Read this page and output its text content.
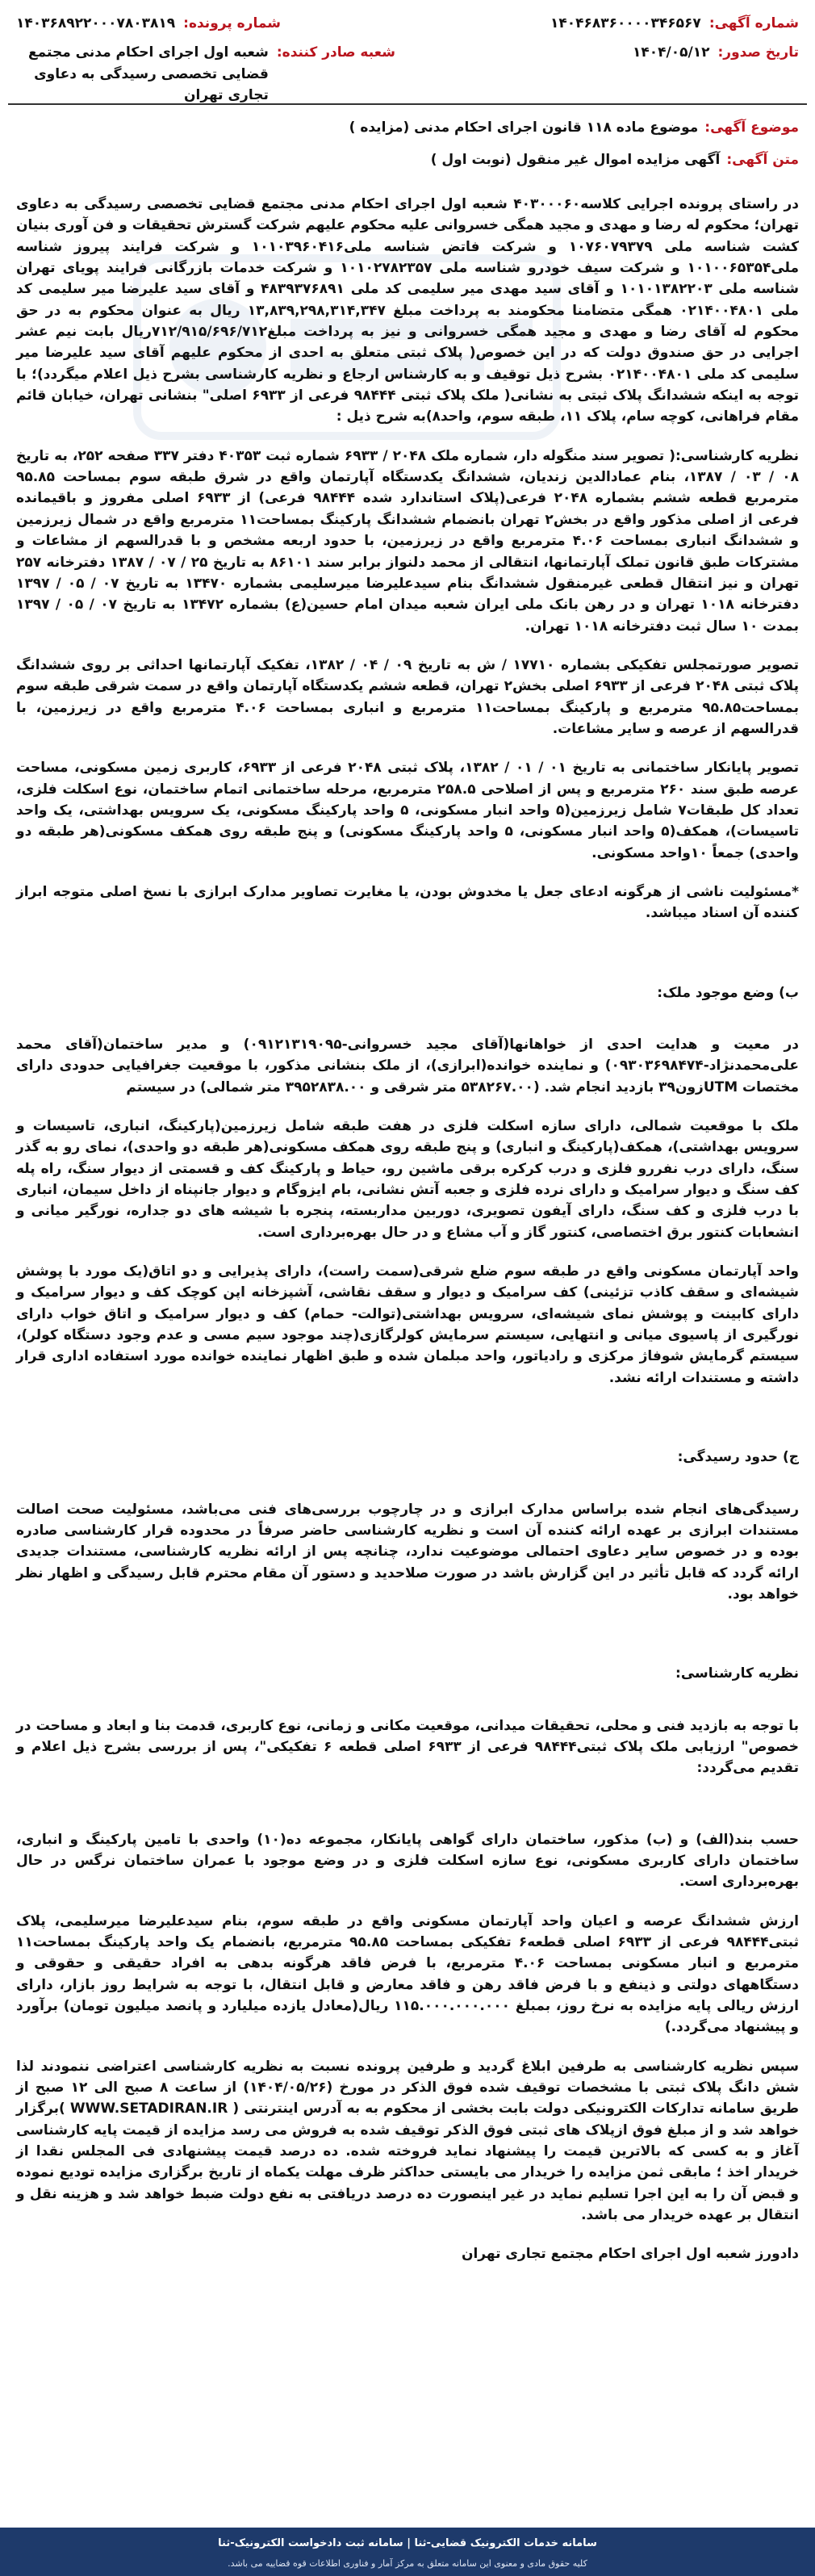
شماره آگهی:
۱۴۰۴۶۸۳۶۰۰۰۰۳۴۶۵۶۷
شماره پرونده:
۱۴۰۳۶۸۹۲۲۰۰۰۷۸۰۳۸۱۹
تاریخ صدور:
۱۴۰۴/۰۵/۱۲
شعبه صادر کننده:
شعبه اول اجرای احکام مدنی مجتمع قضایی تخصصی رسیدگی به دعاوی تجاری تهران
موضوع آگهی:
موضوع ماده ۱۱۸ قانون اجرای احکام مدنی (مزایده )
متن آگهی:
آگهی مزایده اموال غیر منقول (نوبت اول )

در راستای پرونده اجرایی کلاسه۴۰۳۰۰۰۶۰ شعبه اول اجرای احکام مدنی مجتمع قضایی تخصصی رسیدگی به دعاوی تهران؛ محکوم له رضا و مهدی و مجید همگی خسروانی علیه محکوم علیهم شرکت گسترش تحقیقات و فن آوری بنیان کشت شناسه ملی ۱۰۷۶۰۷۹۳۷۹ و شرکت فاتض شناسه ملی۱۰۱۰۳۹۶۰۴۱۶ و شرکت فرایند پیروز شناسه ملی۱۰۱۰۰۶۵۳۵۴ و شرکت سیف خودرو شناسه ملی ۱۰۱۰۲۷۸۲۳۵۷ و شرکت خدمات بازرگانی فرایند پویای تهران شناسه ملی ۱۰۱۰۱۳۸۲۲۰۳ و آقای سید مهدی میر سلیمی کد ملی ۴۸۳۹۳۷۶۸۹۱ و آقای سید علیرضا میر سلیمی کد ملی ۰۲۱۴۰۰۴۸۰۱ همگی متضامنا محکومند به پرداخت مبلغ ۱۳,۸۳۹,۲۹۸,۳۱۴,۳۴۷ ریال به عنوان محکوم به در حق محکوم له آقای رضا و مهدی و مجید همگی خسروانی و نیز به پرداخت مبلغ۷۱۲/۹۱۵/۶۹۶/۷۱۲ریال بابت نیم عشر اجرایی در حق صندوق دولت که در این خصوص( پلاک ثبتی متعلق به احدی از محکوم علیهم آقای سید علیرضا میر سلیمی کد ملی ۰۲۱۴۰۰۴۸۰۱ بشرح ذیل توقیف و به کارشناس ارجاع و نظریه کارشناسی بشرح ذیل اعلام میگردد)؛ با توجه به اینکه ششدانگ پلاک ثبتی به نشانی( ملک پلاک ثبتی ۹۸۴۴۴ فرعی از ۶۹۳۳ اصلی" بنشانی تهران، خیابان قائم مقام فراهانی، کوچه سام، پلاک ۱۱، طبقه سوم، واحد۸)به شرح ذیل :

نظریه کارشناسی:( تصویر سند منگوله دار، شماره ملک ۲۰۴۸ / ۶۹۳۳ شماره ثبت ۴۰۳۵۳ دفتر ۳۳۷ صفحه ۲۵۲، به تاریخ ۰۸ / ۰۳ / ۱۳۸۷، بنام عمادالدین زندیان، ششدانگ یکدستگاه آپارتمان واقع در شرق طبقه سوم بمساحت ۹۵.۸۵ مترمربع قطعه ششم بشماره ۲۰۴۸ فرعی(پلاک استاندارد شده ۹۸۴۴۴ فرعی) از ۶۹۳۳ اصلی مفروز و باقیمانده فرعی از اصلی مذکور واقع در بخش۲ تهران بانضمام ششدانگ پارکینگ بمساحت۱۱ مترمربع واقع در شمال زیرزمین و ششدانگ انباری بمساحت ۴.۰۶ مترمربع واقع در زیرزمین، با حدود اربعه مشخص و با قدرالسهم از مشاعات و مشترکات طبق قانون تملک آپارتمانها، انتقالی از محمد دلنواز برابر سند ۸۶۱۰۱ به تاریخ ۲۵ / ۰۷ / ۱۳۸۷ دفترخانه ۲۵۷ تهران و نیز انتقال قطعی غیرمنقول ششدانگ بنام سیدعلیرضا میرسلیمی بشماره ۱۳۴۷۰ به تاریخ ۰۷ / ۰۵ / ۱۳۹۷ دفترخانه ۱۰۱۸ تهران و در رهن بانک ملی ایران شعبه میدان امام حسین(ع) بشماره ۱۳۴۷۲ به تاریخ ۰۷ / ۰۵ / ۱۳۹۷ بمدت ۱۰ سال ثبت دفترخانه ۱۰۱۸ تهران.

تصویر صورتمجلس تفکیکی بشماره ۱۷۷۱۰ / ش به تاریخ ۰۹ / ۰۴ / ۱۳۸۲، تفکیک آپارتمانها احداثی بر روی ششدانگ پلاک ثبتی ۲۰۴۸ فرعی از ۶۹۳۳ اصلی بخش۲ تهران، قطعه ششم یکدستگاه آپارتمان واقع در سمت شرقی طبقه سوم بمساحت۹۵.۸۵ مترمربع و پارکینگ بمساحت۱۱ مترمربع و انباری بمساحت ۴.۰۶ مترمربع واقع در زیرزمین، با قدرالسهم از عرصه و سایر مشاعات.

تصویر پایانکار ساختمانی به تاریخ ۰۱ / ۰۱ / ۱۳۸۲، پلاک ثبتی ۲۰۴۸ فرعی از ۶۹۳۳، کاربری زمین مسکونی، مساحت عرصه طبق سند ۲۶۰ مترمربع و پس از اصلاحی ۲۵۸.۵ مترمربع، مرحله ساختمانی اتمام ساختمان، نوع اسکلت فلزی، تعداد کل طبقات۷ شامل زیرزمین(۵ واحد انبار مسکونی، ۵ واحد پارکینگ مسکونی، یک سرویس بهداشتی، یک واحد تاسیسات)، همکف(۵ واحد انبار مسکونی، ۵ واحد پارکینگ مسکونی) و پنج طبقه روی همکف مسکونی(هر طبقه دو واحدی) جمعاً ۱۰واحد مسکونی.

*مسئولیت ناشی از هرگونه ادعای جعل یا مخدوش بودن، یا مغایرت تصاویر مدارک ابرازی با نسخ اصلی متوجه ابراز کننده آن اسناد میباشد.

ب) وضع موجود ملک:

در معیت و هدایت احدی از خواهانها(آقای مجید خسروانی-۰۹۱۲۱۳۱۹۰۹۵) و مدیر ساختمان(آقای محمد علی‌محمدنژاد-۰۹۳۰۳۶۹۸۴۷۴) و نماینده خوانده(ابرازی)، از ملک بنشانی مذکور، با موقعیت جغرافیایی حدودی دارای مختصات UTMزون۳۹ بازدید انجام شد. (۵۳۸۲۶۷.۰۰ متر شرقی و ۳۹۵۲۸۳۸.۰۰ متر شمالی) در سیستم

ملک با موقعیت شمالی، دارای سازه اسکلت فلزی در هفت طبقه شامل زیرزمین(پارکینگ، انباری، تاسیسات و سرویس بهداشتی)، همکف(پارکینگ و انباری) و پنج طبقه روی همکف مسکونی(هر طبقه دو واحدی)، نمای رو به گذر سنگ، دارای درب نفررو فلزی و درب کرکره برقی ماشین رو، حیاط و پارکینگ کف و قسمتی از دیوار سنگ، راه پله کف سنگ و دیوار سرامیک و دارای نرده فلزی و جعبه آتش نشانی، بام ایزوگام و دیوار جانپناه از داخل سیمان، انباری با درب فلزی و کف سنگ، دارای آیفون تصویری، دوربین مداربسته، پنجره با شیشه های دو جداره، نورگیر میانی و انشعابات کنتور برق اختصاصی، کنتور گاز و آب مشاع و در حال بهره‌برداری است.

واحد آپارتمان مسکونی واقع در طبقه سوم ضلع شرقی(سمت راست)، دارای پذیرایی و دو اتاق(یک مورد با پوشش شیشه‌ای و سقف کاذب تزئینی) کف سرامیک و دیوار و سقف نقاشی، آشپزخانه اپن کوچک کف و دیوار سرامیک و دارای کابینت و پوشش نمای شیشه‌ای، سرویس بهداشتی(توالت- حمام) کف و دیوار سرامیک و اتاق خواب دارای نورگیری از پاسیوی میانی و انتهایی، سیستم سرمایش کولرگازی(چند موجود سیم مسی و عدم وجود دستگاه کولر)، سیستم گرمایش شوفاژ مرکزی و رادیاتور، واحد مبلمان شده و طبق اظهار نماینده خوانده مورد استفاده اداری قرار داشته و مستندات ارائه نشد.

ج) حدود رسیدگی:

رسیدگی‌های انجام شده براساس مدارک ابرازی و در چارچوب بررسی‌های فنی می‌باشد، مسئولیت صحت اصالت مستندات ابرازی بر عهده ارائه کننده آن است و نظریه کارشناسی حاضر صرفاً در محدوده قرار کارشناسی صادره بوده و در خصوص سایر دعاوی احتمالی موضوعیت ندارد، چنانچه پس از ارائه نظریه کارشناسی، مستندات جدیدی ارائه گردد که قابل تأثیر در این گزارش باشد در صورت صلاحدید و دستور آن مقام محترم قابل رسیدگی و اظهار نظر خواهد بود.

نظریه کارشناسی:

با توجه به بازدید فنی و محلی، تحقیقات میدانی، موقعیت مکانی و زمانی، نوع کاربری، قدمت بنا و ابعاد و مساحت در خصوص" ارزیابی ملک پلاک ثبتی۹۸۴۴۴ فرعی از ۶۹۳۳ اصلی قطعه ۶ تفکیکی"، پس از بررسی بشرح ذیل اعلام و تقدیم می‌گردد:

حسب بند(الف) و (ب) مذکور، ساختمان دارای گواهی پایانکار، مجموعه ده(۱۰) واحدی با تامین پارکینگ و انباری، ساختمان دارای کاربری مسکونی، نوع سازه اسکلت فلزی و در وضع موجود با عمران ساختمان نرگس در حال بهره‌برداری است.

ارزش ششدانگ عرصه و اعیان واحد آپارتمان مسکونی واقع در طبقه سوم، بنام سیدعلیرضا میرسلیمی، پلاک ثبتی۹۸۴۴۴ فرعی از ۶۹۳۳ اصلی قطعه۶ تفکیکی بمساحت ۹۵.۸۵ مترمربع، بانضمام یک واحد پارکینگ بمساحت۱۱ مترمربع و انبار مسکونی بمساحت ۴.۰۶ مترمربع، با فرض فاقد هرگونه بدهی به افراد حقیقی و حقوقی و دستگاههای دولتی و ذینفع و با فرض فاقد رهن و فاقد معارض و قابل انتقال، با توجه به شرایط روز بازار، دارای ارزش ریالی پایه مزایده به نرخ روز، بمبلغ ۱۱۵.۰۰۰.۰۰۰.۰۰۰ ریال(معادل یازده میلیارد و پانصد میلیون تومان) برآورد و پیشنهاد می‌گردد.)

سپس نظریه کارشناسی به طرفین ابلاغ گردید و طرفین پرونده نسبت به نظریه کارشناسی اعتراضی ننمودند لذا شش دانگ پلاک ثبتی با مشخصات توقیف شده فوق الذکر در مورخ (۱۴۰۴/۰۵/۲۶) از ساعت ۸ صبح الی ۱۲ صبح از طریق سامانه تدارکات الکترونیکی دولت بابت بخشی از محکوم به به آدرس اینترنتی ( WWW.SETADIRAN.IR )برگزار خواهد شد و از مبلغ فوق ازپلاک های ثبتی فوق الذکر توقیف شده به فروش می رسد مزایده از قیمت پایه کارشناسی آغاز و به کسی که بالاترین قیمت را پیشنهاد نماید فروخته شده. ده درصد قیمت پیشنهادی فی المجلس نقدا از خریدار اخذ ؛ مابقی ثمن مزایده را خریدار می بایستی حداکثر ظرف مهلت یکماه از تاریخ برگزاری مزایده تودیع نموده و قبض آن را به این اجرا تسلیم نماید در غیر اینصورت ده درصد دریافتی به نفع دولت ضبط خواهد شد و هزینه نقل و انتقال بر عهده خریدار می باشد.

دادورز شعبه اول اجرای احکام مجتمع تجاری تهران

سامانه خدمات الکترونیک قضایی-ثنا | سامانه ثبت دادخواست الکترونیک-ثنا
کلیه حقوق مادی و معنوی این سامانه متعلق به مرکز آمار و فناوری اطلاعات قوه قضاییه می باشد.
